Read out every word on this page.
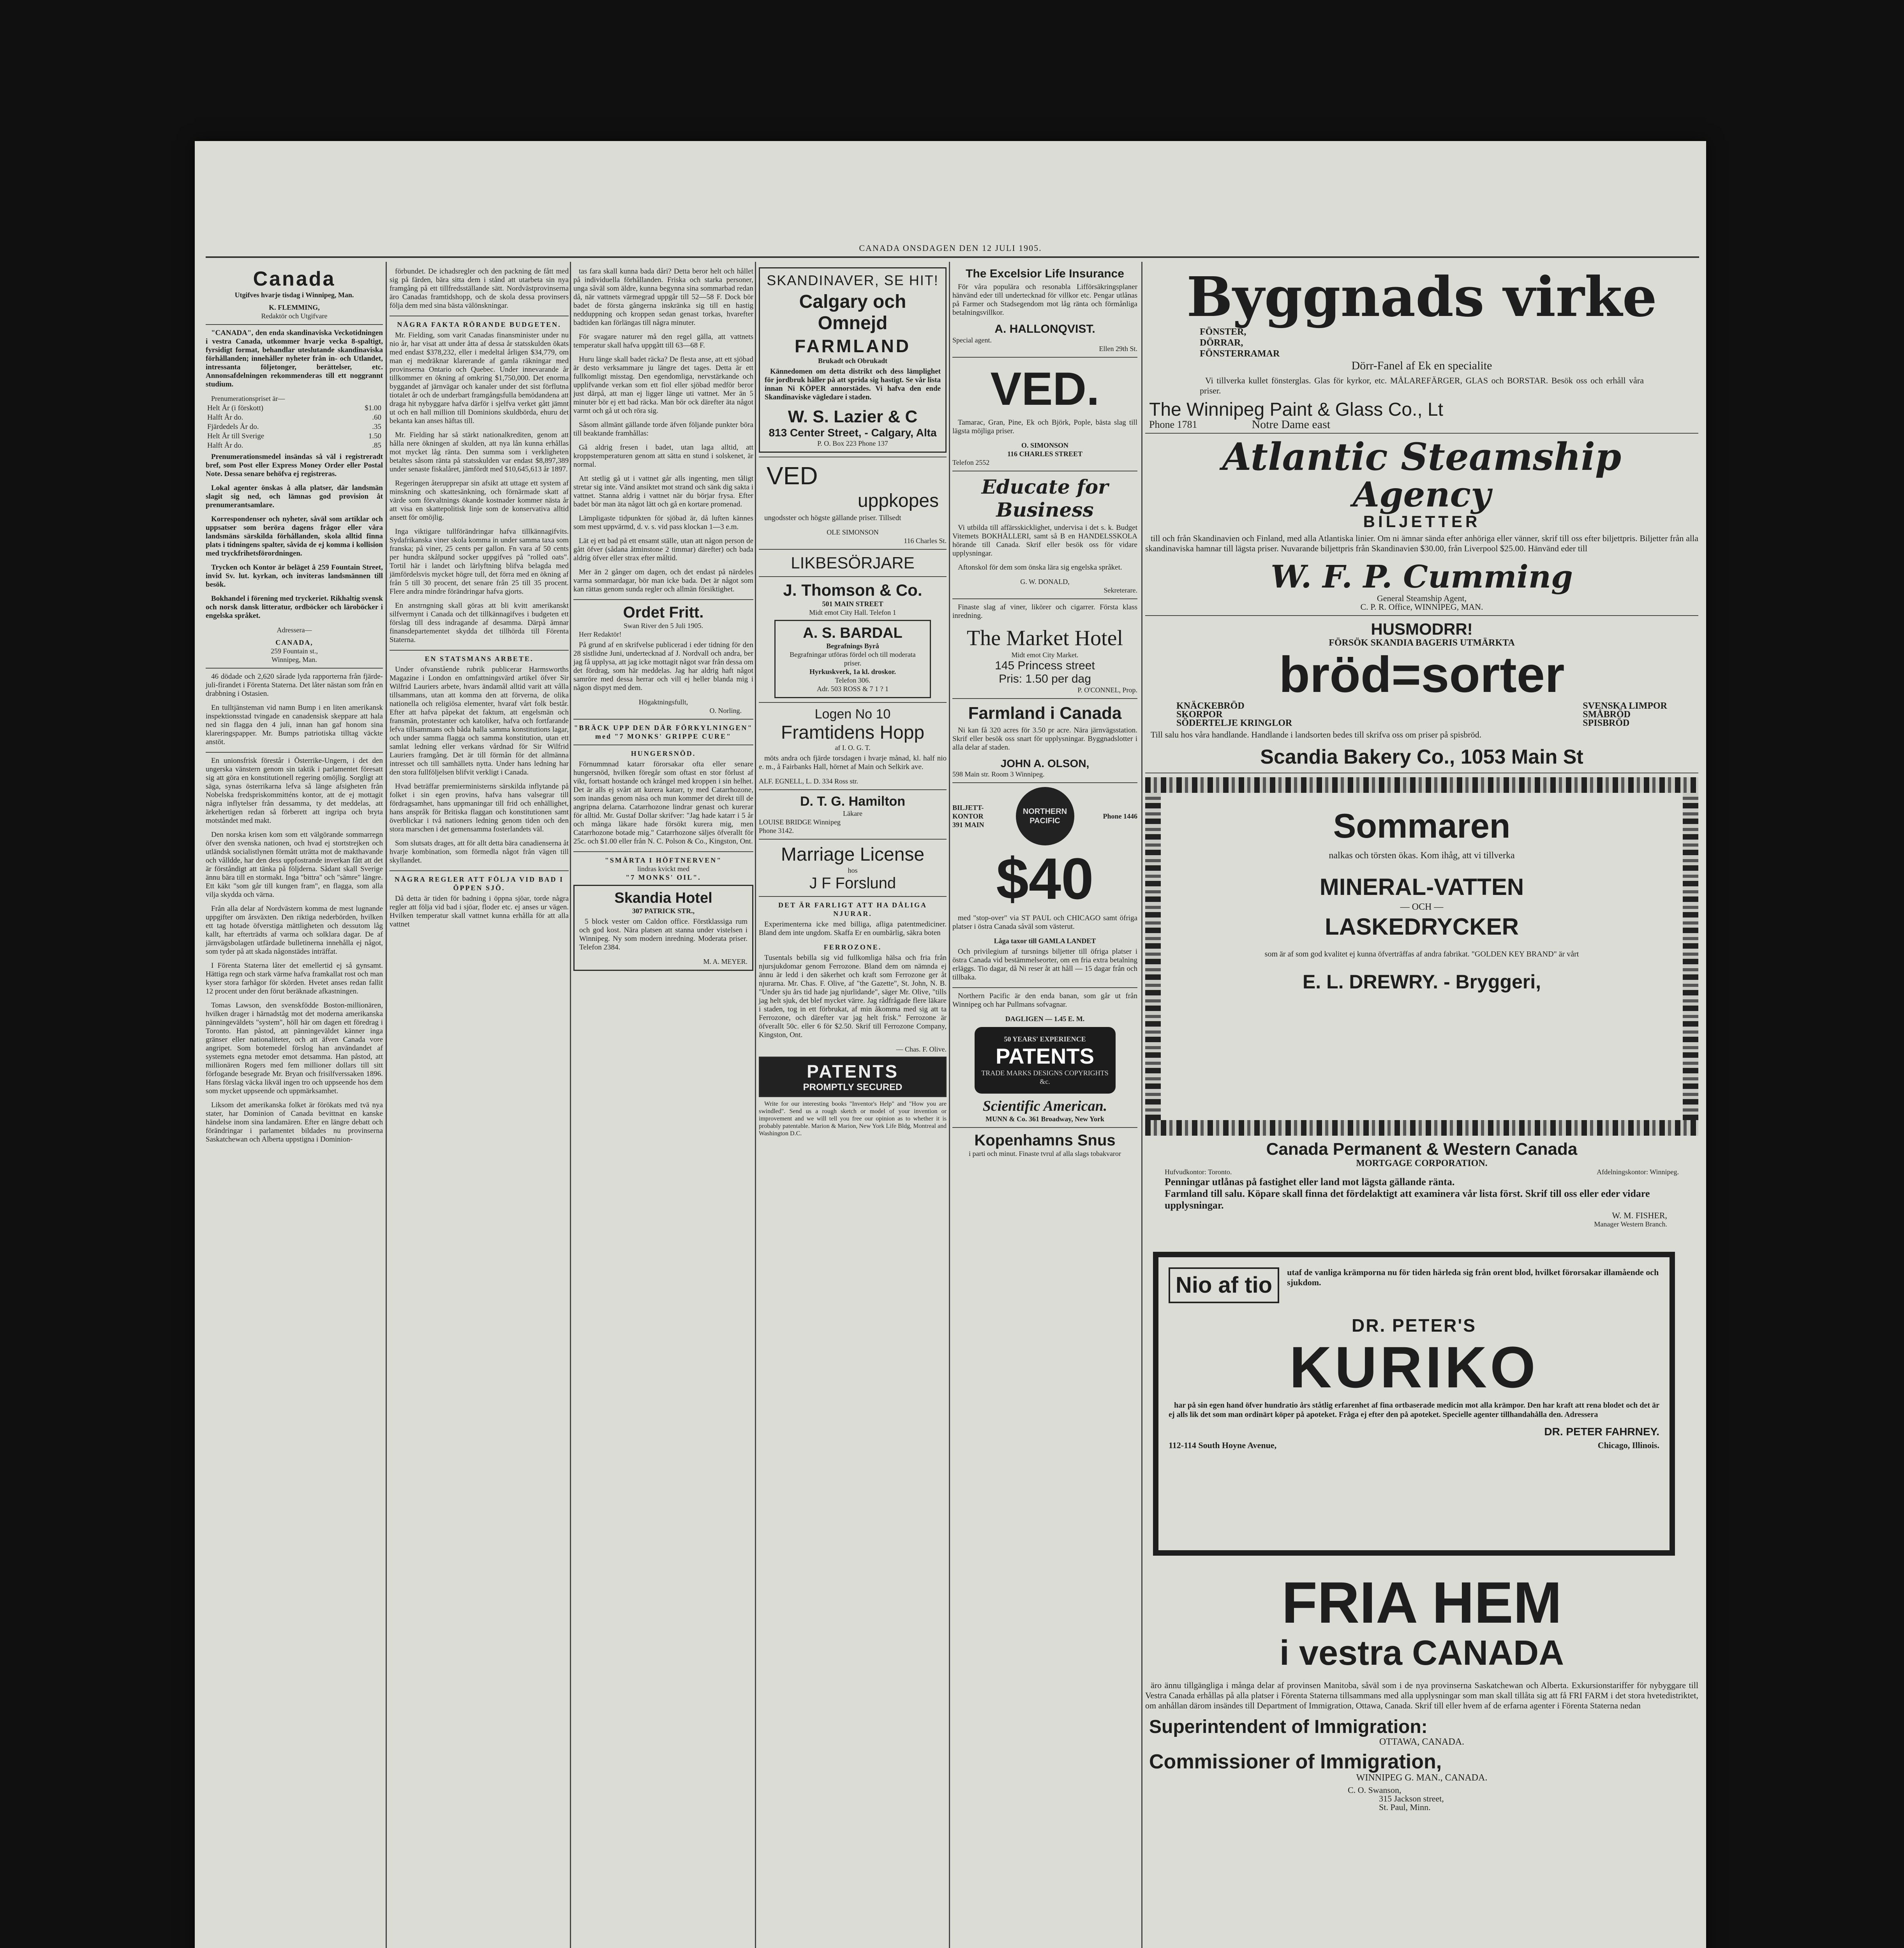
CANADA ONSDAGEN DEN 12 JULI 1905.
Canada
Utgifves hvarje tisdag i Winnipeg, Man.
K. FLEMMING,
Redaktör och Utgifvare

"CANADA", den enda skandinaviska Veckotidningen i vestra Canada, utkommer hvarje vecka 8-spaltigt, fyrsidigt format, behandlar uteslutande skandinaviska förhållanden; innehåller nyheter från in- och Utlandet, intressanta följetonger, berättelser, etc. Annonsafdelningen rekommenderas till ett noggrannt studium.

Prenumerationspriset är—
Helt År (i förskott)	$1.00
Halft År do.	.60
Fjärdedels År do.	.35
Helt År till Sverige	1.50
Halft År do.	.85

Prenumerationsmedel insändas så väl i registreradt bref, som Post eller Express Money Order eller Postal Note. Dessa senare behöfva ej registreras.

Lokal agenter önskas å alla platser, där landsmän slagit sig ned, och lämnas god provision åt prenumerantsamlare.

Korrespondenser och nyheter, såväl som artiklar och uppsatser som beröra dagens frågor eller våra landsmäns särskilda förhållanden, skola alltid finna plats i tidningens spalter, såvida de ej komma i kollision med tryckfrihetsförordningen.

Trycken och Kontor är beläget å 259 Fountain Street, invid Sv. lut. kyrkan, och inviteras landsmännen till besök.

Bokhandel i förening med tryckeriet. Rikhaltig svensk och norsk dansk litteratur, ordböcker och läroböcker i engelska språket.

Adressera—
CANADA,
259 Fountain st.,
Winnipeg, Man.

46 dödade och 2,620 sårade lyda rapporterna från fjärde-juli-firandet i Förenta Staterna. Det låter nästan som från en drabbning i Ostasien.

En tulltjänsteman vid namn Bump i en liten amerikansk inspektionsstad tvingade en canadensisk skeppare att hala ned sin flagga den 4 juli, innan han gaf honom sina klareringspapper. Mr. Bumps patriotiska tilltag väckte anstöt.

En unionsfrisk förestår i Österrike-Ungern, i det den ungerska vänstern genom sin taktik i parlamentet föresatt sig att göra en konstitutionell regering omöjlig. Sorgligt att säga, synas österrikarna lefva så länge afsigheten från Nobelska fredspriskommitténs kontor, att de ej mottagit några inflytelser från dessamma, ty det meddelas, att ärkehertigen redan så förberett att ingripa och bryta motståndet med makt.

Den norska krisen kom som ett välgörande sommarregn öfver den svenska nationen, och hvad ej stortstrejken och utländsk socialistlynen förmått uträtta mot de makthavande och vålldde, har den dess uppfostrande inverkan fått att det är förståndigt att tänka på följderna. Sådant skall Sverige ännu bära till en stormakt. Inga "bittra" och "sämre" längre. Ett käkt "som går till kungen fram", en flagga, som alla vilja skydda och värna.

Från alla delar af Nordvästern komma de mest lugnande uppgifter om årsväxten. Den riktiga nederbörden, hvilken ett tag hotade öfverstiga mättligheten och dessutom låg kallt, har efterträdts af varma och solklara dagar. De af järnvägsbolagen utfärdade bulletinerna innehålla ej något, som tyder på att skada någonstädes inträffat.

I Förenta Staterna låter det emellertid ej så gynsamt. Hättiga regn och stark värme hafva framkallat rost och man kyser stora farhågor för skörden. Hvetet anses redan fallit 12 procent under den förut beräknade afkastningen.

Tomas Lawson, den svenskfödde Boston-millionären, hvilken drager i härnadståg mot det moderna amerikanska pänningeväldets "system", höll här om dagen ett föredrag i Toronto. Han påstod, att pänningeväldet känner inga gränser eller nationaliteter, och att äfven Canada vore angripet. Som botemedel förslog han användandet af systemets egna metoder emot detsamma. Han påstod, att millionären Rogers med fem millioner dollars till sitt förfogande besegrade Mr. Bryan och frisilfverssaken 1896. Hans förslag väcka likväl ingen tro och uppseende hos dem som mycket uppseende och uppmärksamhet.

Liksom det amerikanska folket är förökats med tvä nya stater, har Dominion of Canada bevittnat en kanske händelse inom sina landamären. Efter en längre debatt och förändringar i parlamentet bildades nu provinserna Saskatchewan och Alberta uppstigna i Dominion-

förbundet. De ichadsregler och den packning de fått med sig på färden, bära sitta dem i stånd att utarbeta sin nya framgång på ett tillfredsställande sätt. Nordvästprovinserna äro Canadas framtidshopp, och de skola dessa provinsers följa dem med sina bästa välönskningar.

NÅGRA FAKTA RÖRANDE BUDGETEN.

Mr. Fielding, som varit Canadas finansminister under nu nio år, har visat att under åtta af dessa år statsskulden ökats med endast $378,232, eller i medeltal årligen $34,779, om man ej medräknar klarerande af gamla räkningar med provinserna Ontario och Quebec. Under innevarande år tillkommer en ökning af omkring $1,750,000. Det enorma byggandet af järnvägar och kanaler under det sist förflutna tiotalet år och de underbart framgångsfulla bemödandena att draga hit nybyggare hafva därför i sjelfva verket gått jämnt ut och en hall million till Dominions skuldbörda, ehuru det bekanta kan anses häftas till.

Mr. Fielding har så stärkt nationalkrediten, genom att hålla nere ökningen af skulden, att nya lån kunna erhållas mot mycket låg ränta. Den summa som i verkligheten betaltes såsom ränta på statsskulden var endast $8,897,389 under senaste fiskalåret, jämfördt med $10,645,613 år 1897.

Regeringen återupprepar sin afsikt att uttage ett system af minskning och skattesänkning, och förnärmade skatt af värde som förvaltnings ökande kostnader kommer nästa år att visa en skattepolitisk linje som de konservativa alltid ansett för omöjlig.

Inga viktigare tullförändringar hafva tillkännagifvits. Sydafrikanska viner skola komma in under samma taxa som franska; på viner, 25 cents per gallon. Fn vara af 50 cents per hundra skålpund socker uppgifves på "rolled oats". Tortil här i landet och lärlyftning blifva belagda med jämfördelsvis mycket högre tull, det förra med en ökning af från 5 till 30 procent, det senare från 25 till 35 procent. Flere andra mindre förändringar hafva gjorts.

En anstrngning skall göras att bli kvitt amerikanskt silfvermynt i Canada och det tillkännagifves i budgeten ett förslag till dess indragande af desamma. Därpå ämnar finansdepartementet skydda det tillhörda till Förenta Staterna.

EN STATSMANS ARBETE.

Under ofvanstående rubrik publicerar Harmsworths Magazine i London en omfattningsvärd artikel öfver Sir Wilfrid Lauriers arbete, hvars ändamål alltid varit att vålla tillsammans, utan att komma den att förverna, de olika nationella och religiösa elementer, hvaraf vårt folk består. Efter att hafva påpekat det faktum, att engelsmän och fransmän, protestanter och katoliker, hafva och fortfarande lefva tillsammans och båda halla samma konstitutions lagar, och under samma flagga och samma konstitution, utan ett samlat ledning eller verkans vårdnad för Sir Wilfrid Lauriers framgång. Det är till förmån för det allmänna intresset och till samhällets nytta. Under hans ledning har den stora fullföljelsen blifvit verkligt i Canada.

Hvad beträffar premierministerns särskilda inflytande på folket i sin egen provins, hafva hans valsegrar till fördragsamhet, hans uppmaningar till frid och enhällighet, hans anspråk för Britiska flaggan och konstitutionen samt överblickar i två nationers ledning genom tiden och den stora marschen i det gemensamma fosterlandets väl.

Som slutsats drages, att för allt detta bära canadienserna åt hvarje kombination, som förmedla något från vägen till skyllandet.

NÅGRA REGLER ATT FÖLJA VID BAD I ÖPPEN SJÖ.

Då detta är tiden för badning i öppna sjöar, torde några regler att följa vid bad i sjöar, floder etc. ej anses ur vägen. Hvilken temperatur skall vattnet kunna erhålla för att alla vattnet

tas fara skall kunna bada dåri? Detta beror helt och hållet på individuella förhållanden. Friska och starka personer, unga såväl som äldre, kunna begynna sina sommarbad redan då, när vattnets värmegrad uppgår till 52—58 F. Dock bör badet de första gångerna inskränka sig till en hastig nedduppning och kroppen sedan genast torkas, hvarefter badtiden kan förlängas till några minuter.

För svagare naturer må den regel gälla, att vattnets temperatur skall hafva uppgått till 63—68 F.

Huru länge skall badet räcka? De flesta anse, att ett sjöbad är desto verksammare ju längre det tages. Detta är ett fullkomligt misstag. Den egendomliga, nervstärkande och upplifvande verkan som ett fiol eller sjöbad medför beror just därpå, att man ej ligger länge uti vattnet. Mer än 5 minuter bör ej ett bad räcka. Man bör ock därefter äta något varmt och gå ut och röra sig.

Såsom allmänt gällande torde äfven följande punkter böra till beaktande framhållas:

Gå aldrig fresen i badet, utan laga alltid, att kroppstemperaturen genom att sätta en stund i solskenet, är normal.

Att stetlig gå ut i vattnet går alls ingenting, men tåligt stretar sig inte. Vänd ansiktet mot strand och sänk dig sakta i vattnet. Stanna aldrig i vattnet när du börjar frysa. Efter badet bör man äta något lätt och gå en kortare promenad.

Lämpligaste tidpunkten för sjöbad är, då luften kännes som mest uppvärmd, d. v. s. vid pass klockan 1—3 e.m.

Lät ej ett bad på ett ensamt ställe, utan att någon person de gått öfver (sådana åtminstone 2 timmar) därefter) och bada aldrig öfver eller strax efter måltid.

Mer än 2 gånger om dagen, och det endast på närdeles varma sommardagar, bör man icke bada. Det är något som kan rättas genom sunda regler och allmän försiktighet.

Ordet Fritt.
Swan River den 5 Juli 1905.
Herr Redaktör!

På grund af en skrifvelse publicerad i eder tidning för den 28 sistlidne Juni, undertecknad af J. Nordvall och andra, ber jag få upplysa, att jag icke mottagit något svar från dessa om det fördrag, som här meddelas. Jag har aldrig haft något samröre med dessa herrar och vill ej heller blanda mig i någon dispyt med dem.

Högaktningsfullt,
O. Norling.
"BRÄCK UPP DEN DÄR FÖRKYLNINGEN" med "7 MONKS' GRIPPE CURE"
HUNGERSNÖD.

Förnummnad katarr förorsakar ofta eller senare hungersnöd, hvilken föregår som oftast en stor förlust af vikt, fortsatt hostande och krångel med kroppen i sin helhet. Det är alls ej svårt att kurera katarr, ty med Catarrhozone, som inandas genom näsa och mun kommer det direkt till de angripna delarna. Catarrhozone lindrar genast och kurerar för alltid. Mr. Gustaf Dollar skrifver: "Jag hade katarr i 5 år och många läkare hade försökt kurera mig, men Catarrhozone botade mig." Catarrhozone säljes öfverallt för 25c. och $1.00 eller från N. C. Polson & Co., Kingston, Ont.

"SMÄRTA I HÖFTNERVEN"
lindras kvickt med
"7 MONKS' OIL".
Skandia Hotel
307 PATRICK STR.,

5 block vester om Caldon office. Förstklassiga rum och god kost. Nära platsen att stanna under vistelsen i Winnipeg. Ny som modern inredning. Moderata priser. Telefon 2384.

M. A. MEYER.
SKANDINAVER, SE HIT!
Calgary och Omnejd
FARMLAND
Brukadt och Obrukadt

Kännedomen om detta distrikt och dess lämplighet för jordbruk håller på att sprida sig hastigt. Se vår lista innan Ni KÖPER annorstädes. Vi hafva den ende Skandinaviske vägledare i staden.

W. S. Lazier & C
813 Center Street, - Calgary, Alta
P. O. Box 223 Phone 137
VED
uppkopes

ungodsster och högste gällande priser. Tillsedt

OLE SIMONSON
116 Charles St.
LIKBESÖRJARE
J. Thomson & Co.
501 MAIN STREET
Midt emot City Hall. Telefon 1
A. S. BARDAL
Begrafnings Byrå
Begrafningar utföras fördel och till moderata priser.
Hyrkuskverk, 1a kl. droskor.
Telefon 306.
Adr. 503 ROSS & 7 1 ? 1
Logen No 10
Framtidens Hopp
af I. O. G. T.

möts andra och fjärde torsdagen i hvarje månad, kl. half nio e. m., å Fairbanks Hall, hörnet af Main och Selkirk ave.

ALF. EGNELL, L. D. 334 Ross str.
D. T. G. Hamilton
Läkare
LOUISE BRIDGE Winnipeg
Phone 3142.
Marriage License
hos
J F Forslund
DET ÄR FARLIGT ATT HA DÅLIGA NJURAR.

Experimenterna icke med billiga, afliga patentmediciner. Bland dem inte ungdom. Skaffa Er en oumbärlig, säkra boten

FERROZONE.

Tusentals bebilla sig vid fullkomliga hälsa och fria från njursjukdomar genom Ferrozone. Bland dem om nämnda ej ännu är ledd i den säkerhet och kraft som Ferrozone ger åt njurarna. Mr. Chas. F. Olive, af "the Gazette", St. John, N. B. "Under sju års tid hade jag njurlidande", säger Mr. Olive, "tills jag helt sjuk, det blef mycket värre. Jag rådfrågade flere läkare i staden, tog in ett förbrukat, af min åkomma med sig att ta Ferrozone, och därefter var jag helt frisk." Ferrozone är öfverallt 50c. eller 6 för $2.50. Skrif till Ferrozone Company, Kingston, Ont.

— Chas. F. Olive.
PATENTS
PROMPTLY SECURED

Write for our interesting books "Inventor's Help" and "How you are swindled". Send us a rough sketch or model of your invention or improvement and we will tell you free our opinion as to whether it is probably patentable. Marion & Marion, New York Life Bldg, Montreal and Washington D.C.

The Excelsior Life Insurance

För våra populära och resonabla Lifförsäkringsplaner hänvänd eder till undertecknad för villkor etc. Pengar utlånas på Farmer och Stadsegendom mot låg ränta och förmånliga betalningsvillkor.

A. HALLONQVIST.
Special agent.
Ellen 29th St.
VED.

Tamarac, Gran, Pine, Ek och Björk, Pople, bästa slag till lägsta möjliga priser.

O. SIMONSON
116 CHARLES STREET
Telefon 2552
Educate for Business

Vi utbilda till affärsskicklighet, undervisa i det s. k. Budget Vitemets BOKHÅLLERI, samt så B en HANDELSSKOLA hörande till Canada. Skrif eller besök oss för vidare upplysningar.

Aftonskol för dem som önska lära sig engelska språket.

G. W. DONALD,
Sekreterare.

Finaste slag af viner, likörer och cigarrer. Första klass inredning.

The Market Hotel
Midt emot City Market.
145 Princess street
Pris: 1.50 per dag
P. O'CONNEL, Prop.
Farmland i Canada

Ni kan få 320 acres för 3.50 pr acre. Nära järnvägsstation. Skrif eller besök oss snart för upplysningar. Byggnadslotter i alla delar af staden.

JOHN A. OLSON,
598 Main str. Room 3 Winnipeg.
BILJETT-KONTOR 391 MAIN
NORTHERN PACIFIC
Phone 1446
$40

med "stop-over" via ST PAUL och CHICAGO samt öfriga platser i östra Canada såväl som västerut.

Låga taxor till GAMLA LANDET

Och privilegium af tursnings biljetter till öfriga platser i östra Canada vid bestämmelseorter, om en fria extra betalning erläggs. Tio dagar, då Ni reser åt att håll — 15 dagar från och tillbaka.

Northern Pacific är den enda banan, som går ut från Winnipeg och har Pullmans sofvagnar.

DAGLIGEN — 1.45 E. M.
50 YEARS' EXPERIENCE
PATENTS
TRADE MARKS DESIGNS COPYRIGHTS &c.
Scientific American.
MUNN & Co. 361 Broadway, New York
Kopenhamns Snus
i parti och minut. Finaste tvrul af alla slags tobakvaror
Byggnads virke
FÖNSTER,
DÖRRAR,
FÖNSTERRAMAR
Dörr-Fanel af Ek en specialite

Vi tillverka kullet fönsterglas. Glas för kyrkor, etc. MÅLAREFÄRGER, GLAS och BORSTAR. Besök oss och erhåll våra priser.

The Winnipeg Paint & Glass Co., Lt
Phone 1781	Notre Dame east
Atlantic Steamship
Agency
BILJETTER

till och från Skandinavien och Finland, med alla Atlantiska linier. Om ni ämnar sända efter anhöriga eller vänner, skrif till oss efter biljettpris. Biljetter från alla skandinaviska hamnar till lägsta priser. Nuvarande biljettpris från Skandinavien $30.00, från Liverpool $25.00. Hänvänd eder till

W. F. P. Cumming
General Steamship Agent,
C. P. R. Office, WINNIPEG, MAN.
HUSMODRR!
FÖRSÖK SKANDIA BAGERIS UTMÄRKTA
bröd=sorter
KNÄCKEBRÖD
SKORPOR
SÖDERTELJE KRINGLOR
SVENSKA LIMPOR
SMÅBRÖD
SPISBRÖD

Till salu hos våra handlande. Handlande i landsorten bedes till skrifva oss om priser på spisbröd.

Scandia Bakery Co., 1053 Main St
Sommaren
nalkas och törsten ökas. Kom ihåg, att vi tillverka
MINERAL-VATTEN
— OCH —
LASKEDRYCKER

som är af som god kvalitet ej kunna öfverträffas af andra fabrikat. "GOLDEN KEY BRAND" är vårt

E. L. DREWRY. - Bryggeri,
Canada Permanent & Western Canada
MORTGAGE CORPORATION.
Hufvudkontor: Toronto.	Afdelningskontor: Winnipeg.
Penningar utlånas på fastighet eller land mot lägsta gällande ränta.
Farmland till salu. Köpare skall finna det fördelaktigt att examinera vår lista först. Skrif till oss eller eder vidare upplysningar.
W. M. FISHER,
Manager Western Branch.
Nio af tio
utaf de vanliga krämporna nu för tiden härleda sig från orent blod, hvilket förorsakar illamående och sjukdom.
DR. PETER'S
KURIKO

har på sin egen hand öfver hundratio års ståtlig erfarenhet af fina ortbaserade medicin mot alla krämpor. Den har kraft att rena blodet och det är ej alls lik det som man ordinärt köper på apoteket. Fråga ej efter den på apoteket. Specielle agenter tillhandahålla den. Adressera

DR. PETER FAHRNEY.
112-114 South Hoyne Avenue,	Chicago, Illinois.
FRIA HEM
i vestra CANADA

äro ännu tillgängliga i många delar af provinsen Manitoba, såväl som i de nya provinserna Saskatchewan och Alberta. Exkursionstariffer för nybyggare till Vestra Canada erhållas på alla platser i Förenta Staterna tillsammans med alla upplysningar som man skall tillåta sig att få FRI FARM i det stora hvetedistriktet, om anhållan därom insändes till Department of Immigration, Ottawa, Canada. Skrif till eller hvem af de erfarna agenter i Förenta Staterna nedan

Superintendent of Immigration:
OTTAWA, CANADA.
Commissioner of Immigration,
WINNIPEG G. MAN., CANADA.
C. O. Swanson,
315 Jackson street,
St. Paul, Minn.
